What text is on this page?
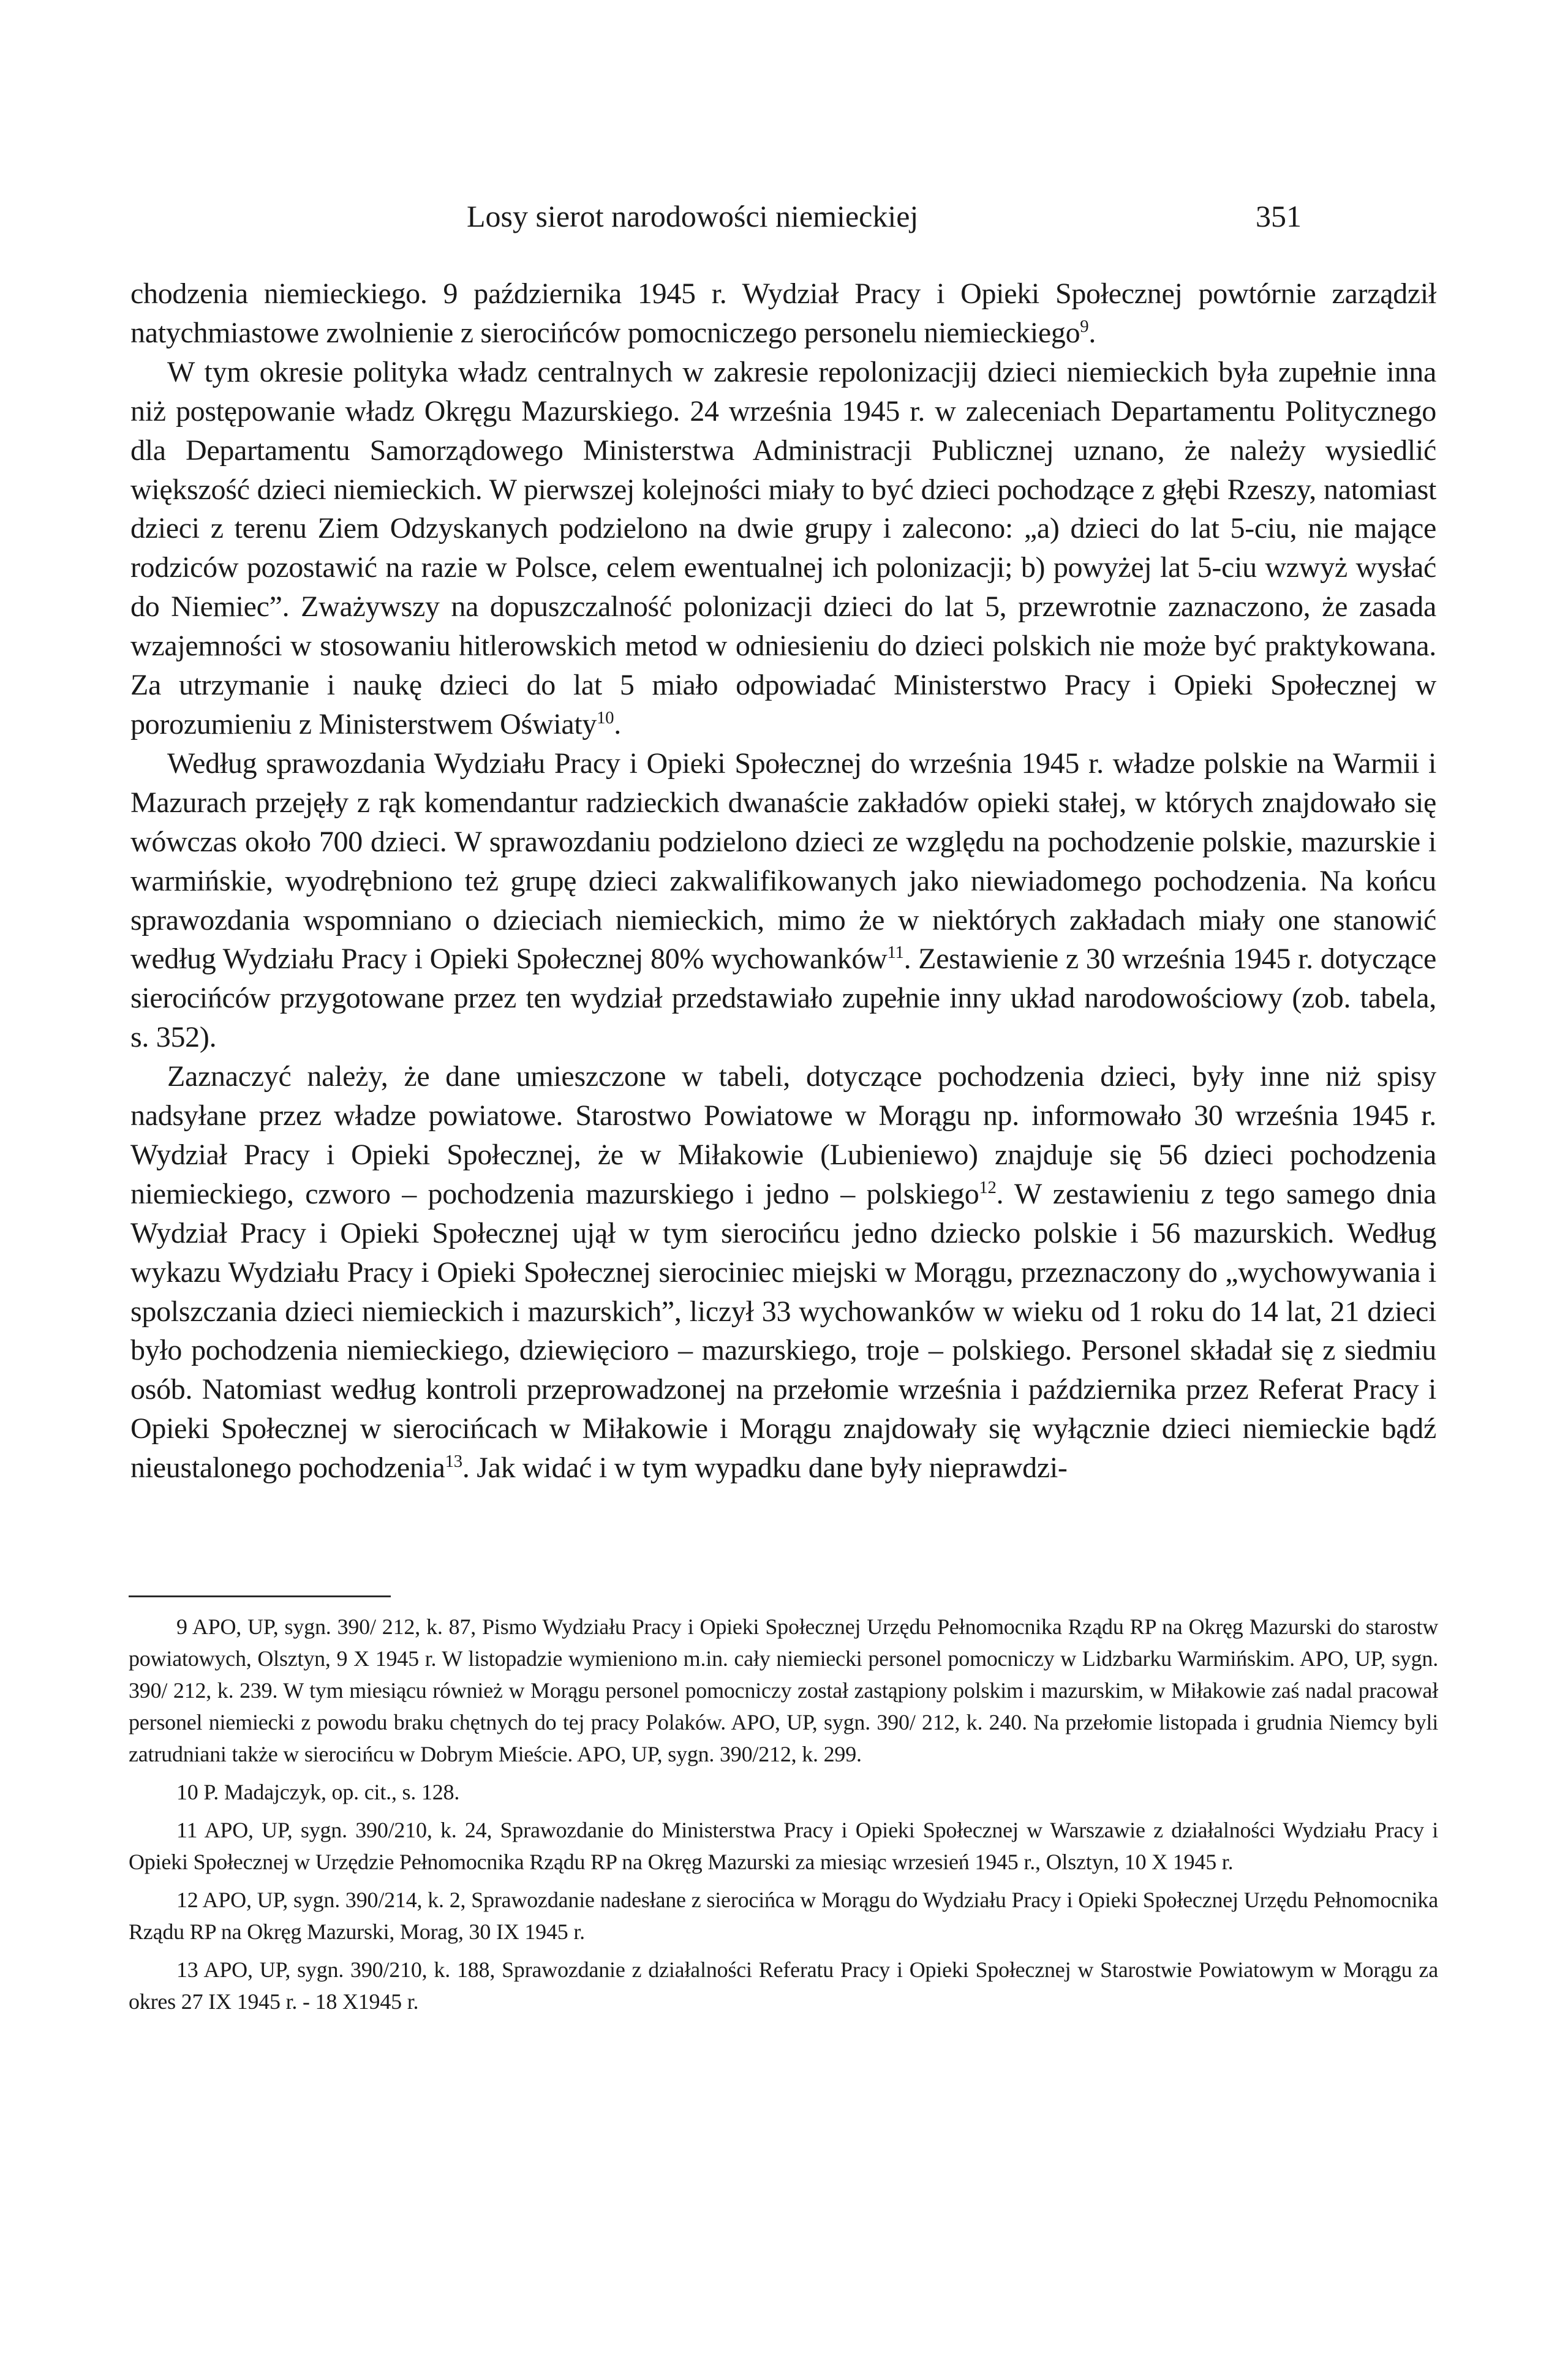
Losy sierot narodowości niemieckiej	351

chodzenia niemieckiego. 9 października 1945 r. Wydział Pracy i Opieki Społecznej powtórnie zarządził natychmiastowe zwolnienie z sierocińców pomocniczego personelu niemieckiego$^9$.

W tym okresie polityka władz centralnych w zakresie repolonizacjij dzieci niemieckich była zupełnie inna niż postępowanie władz Okręgu Mazurskiego. 24 września 1945 r. w zaleceniach Departamentu Politycznego dla Departamentu Samorządowego Ministerstwa Administracji Publicznej uznano, że należy wysiedlić większość dzieci niemieckich. W pierwszej kolejności miały to być dzieci pochodzące z głębi Rzeszy, natomiast dzieci z terenu Ziem Odzyskanych podzielono na dwie grupy i zalecono: „a) dzieci do lat 5-ciu, nie mające rodziców pozostawić na razie w Polsce, celem ewentualnej ich polonizacji; b) powyżej lat 5-ciu wzwyż wysłać do Niemiec”. Zważywszy na dopuszczalność polonizacji dzieci do lat 5, przewrotnie zaznaczono, że zasada wzajemności w stosowaniu hitlerowskich metod w odniesieniu do dzieci polskich nie może być praktykowana. Za utrzymanie i naukę dzieci do lat 5 miało odpowiadać Ministerstwo Pracy i Opieki Społecznej w porozumieniu z Ministerstwem Oświaty$^{10}$.

Według sprawozdania Wydziału Pracy i Opieki Społecznej do września 1945 r. władze polskie na Warmii i Mazurach przejęły z rąk komendantur radzieckich dwanaście zakładów opieki stałej, w których znajdowało się wówczas około 700 dzieci. W sprawozdaniu podzielono dzieci ze względu na pochodzenie polskie, mazurskie i warmińskie, wyodrębniono też grupę dzieci zakwalifikowanych jako niewiadomego pochodzenia. Na końcu sprawozdania wspomniano o dzieciach niemieckich, mimo że w niektórych zakładach miały one stanowić według Wydziału Pracy i Opieki Społecznej 80% wychowanków$^{11}$. Zestawienie z 30 września 1945 r. dotyczące sierocińców przygotowane przez ten wydział przedstawiało zupełnie inny układ narodowościowy (zob. tabela, s. 352).

Zaznaczyć należy, że dane umieszczone w tabeli, dotyczące pochodzenia dzieci, były inne niż spisy nadsyłane przez władze powiatowe. Starostwo Powiatowe w Morągu np. informowało 30 września 1945 r. Wydział Pracy i Opieki Społecznej, że w Miłakowie (Lubieniewo) znajduje się 56 dzieci pochodzenia niemieckiego, czworo – pochodzenia mazurskiego i jedno – polskiego$^{12}$. W zestawieniu z tego samego dnia Wydział Pracy i Opieki Społecznej ujął w tym sierocińcu jedno dziecko polskie i 56 mazurskich. Według wykazu Wydziału Pracy i Opieki Społecznej sierociniec miejski w Morągu, przeznaczony do „wychowywania i spolszczania dzieci niemieckich i mazurskich”, liczył 33 wychowanków w wieku od 1 roku do 14 lat, 21 dzieci było pochodzenia niemieckiego, dziewięcioro – mazurskiego, troje – polskiego. Personel składał się z siedmiu osób. Natomiast według kontroli przeprowadzonej na przełomie września i października przez Referat Pracy i Opieki Społecznej w sierocińcach w Miłakowie i Morągu znajdowały się wyłącznie dzieci niemieckie bądź nieustalonego pochodzenia$^{13}$. Jak widać i w tym wypadku dane były nieprawdzi-

9 APO, UP, sygn. 390/ 212, k. 87, Pismo Wydziału Pracy i Opieki Społecznej Urzędu Pełnomocnika Rządu RP na Okręg Mazurski do starostw powiatowych, Olsztyn, 9 X 1945 r. W listopadzie wymieniono m.in. cały niemiecki personel pomocniczy w Lidzbarku Warmińskim. APO, UP, sygn. 390/ 212, k. 239. W tym miesiącu również w Morągu personel pomocniczy został zastąpiony polskim i mazurskim, w Miłakowie zaś nadal pracował personel niemiecki z powodu braku chętnych do tej pracy Polaków. APO, UP, sygn. 390/ 212, k. 240. Na przełomie listopada i grudnia Niemcy byli zatrudniani także w sierocińcu w Dobrym Mieście. APO, UP, sygn. 390/212, k. 299.

10 P. Madajczyk, op. cit., s. 128.

11 APO, UP, sygn. 390/210, k. 24, Sprawozdanie do Ministerstwa Pracy i Opieki Społecznej w Warszawie z działalności Wydziału Pracy i Opieki Społecznej w Urzędzie Pełnomocnika Rządu RP na Okręg Mazurski za miesiąc wrzesień 1945 r., Olsztyn, 10 X 1945 r.

12 APO, UP, sygn. 390/214, k. 2, Sprawozdanie nadesłane z sierocińca w Morągu do Wydziału Pracy i Opieki Społecznej Urzędu Pełnomocnika Rządu RP na Okręg Mazurski, Morag, 30 IX 1945 r.

13 APO, UP, sygn. 390/210, k. 188, Sprawozdanie z działalności Referatu Pracy i Opieki Społecznej w Starostwie Powiatowym w Morągu za okres 27 IX 1945 r. - 18 X1945 r.
